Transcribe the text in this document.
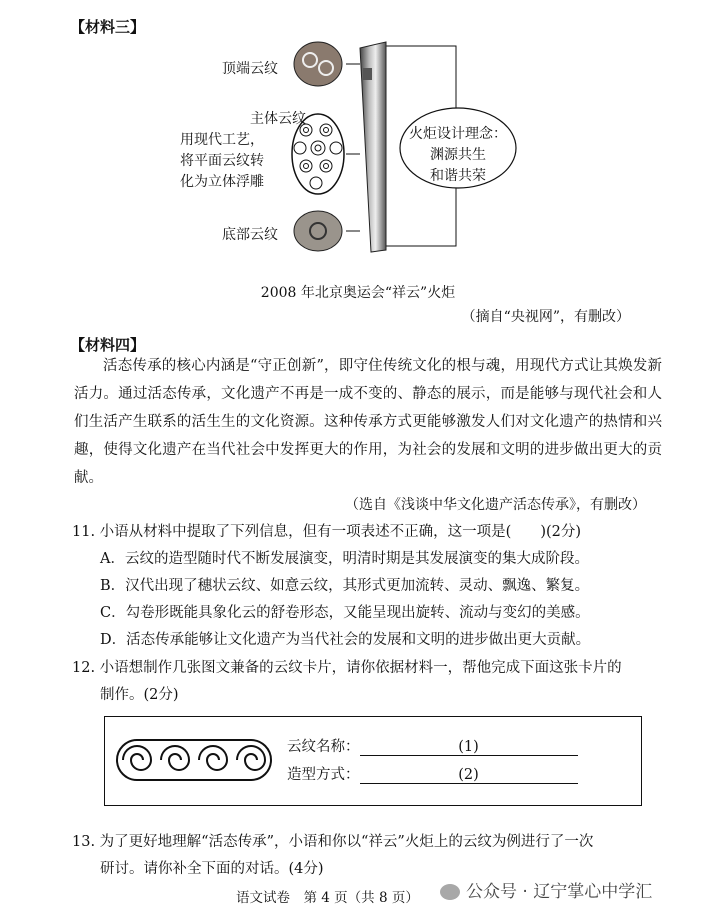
【材料三】
顶端云纹
主体云纹
用现代工艺，
将平面云纹转
化为立体浮雕
底部云纹
火炬设计理念：
渊源共生
和谐共荣
2008 年北京奥运会“祥云”火炬
（摘自“央视网”，有删改）
【材料四】
活态传承的核心内涵是“守正创新”，即守住传统文化的根与魂，用现代方式让其焕发新活力。通过活态传承，文化遗产不再是一成不变的、静态的展示，而是能够与现代社会和人们生活产生联系的活生生的文化资源。这种传承方式更能够激发人们对文化遗产的热情和兴趣，使得文化遗产在当代社会中发挥更大的作用，为社会的发展和文明的进步做出更大的贡献。
（选自《浅谈中华文化遗产活态传承》，有删改）
11. 小语从材料中提取了下列信息，但有一项表述不正确，这一项是(　　)(2分)
A．云纹的造型随时代不断发展演变，明清时期是其发展演变的集大成阶段。
B．汉代出现了穗状云纹、如意云纹，其形式更加流转、灵动、飘逸、繁复。
C．勾卷形既能具象化云的舒卷形态，又能呈现出旋转、流动与变幻的美感。
D．活态传承能够让文化遗产为当代社会的发展和文明的进步做出更大贡献。
12. 小语想制作几张图文兼备的云纹卡片，请你依据材料一，帮他完成下面这张卡片的
制作。(2分)
云纹名称：	(1)
造型方式：	(2)
13. 为了更好地理解“活态传承”，小语和你以“祥云”火炬上的云纹为例进行了一次
研讨。请你补全下面的对话。(4分)
语文试卷　第 4 页（共 8 页）	公众号 · 辽宁掌心中学汇
